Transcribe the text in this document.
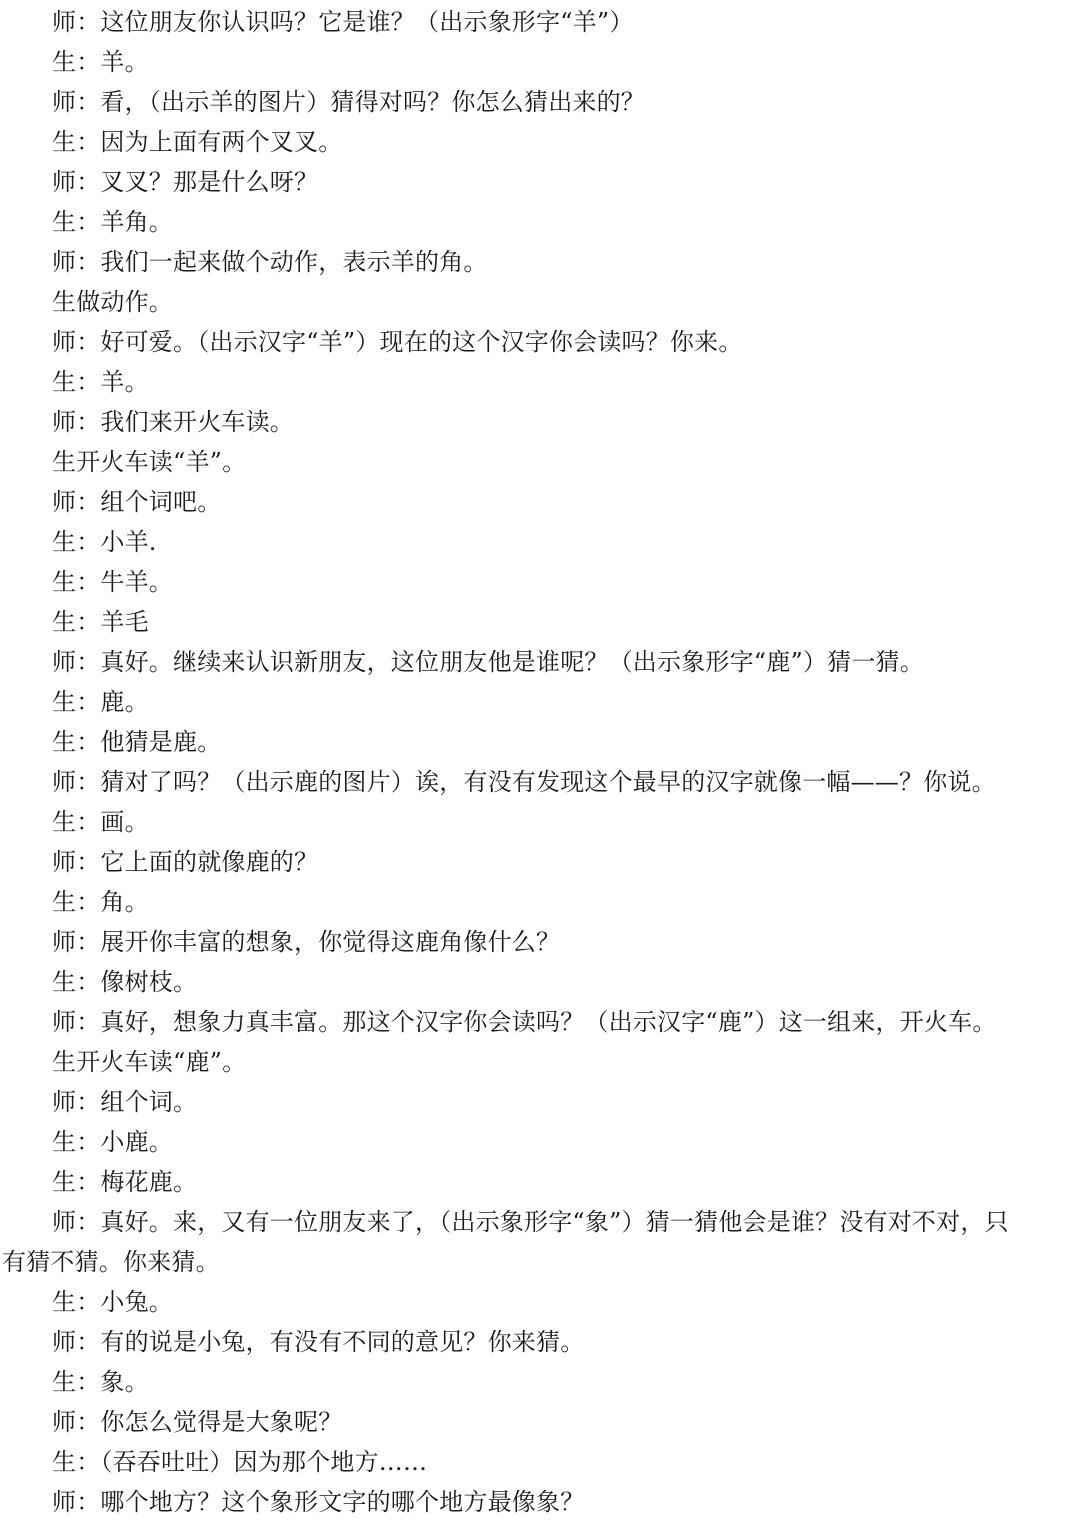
师：这位朋友你认识吗？它是谁？（出示象形字“羊”）
生：羊。
师：看，（出示羊的图片）猜得对吗？你怎么猜出来的？
生：因为上面有两个叉叉。
师：叉叉？那是什么呀？
生：羊角。
师：我们一起来做个动作，表示羊的角。
生做动作。
师：好可爱。（出示汉字“羊”）现在的这个汉字你会读吗？你来。
生：羊。
师：我们来开火车读。
生开火车读“羊”。
师：组个词吧。
生：小羊.
生：牛羊。
生：羊毛
师：真好。继续来认识新朋友，这位朋友他是谁呢？（出示象形字“鹿”）猜一猜。
生：鹿。
生：他猜是鹿。
师：猜对了吗？（出示鹿的图片）诶，有没有发现这个最早的汉字就像一幅——？你说。
生：画。
师：它上面的就像鹿的？
生：角。
师：展开你丰富的想象，你觉得这鹿角像什么？
生：像树枝。
师：真好，想象力真丰富。那这个汉字你会读吗？（出示汉字“鹿”）这一组来，开火车。
生开火车读“鹿”。
师：组个词。
生：小鹿。
生：梅花鹿。
师：真好。来，又有一位朋友来了，（出示象形字“象”）猜一猜他会是谁？没有对不对，只
有猜不猜。你来猜。
生：小兔。
师：有的说是小兔，有没有不同的意见？你来猜。
生：象。
师：你怎么觉得是大象呢？
生：（吞吞吐吐）因为那个地方……
师：哪个地方？这个象形文字的哪个地方最像象？
